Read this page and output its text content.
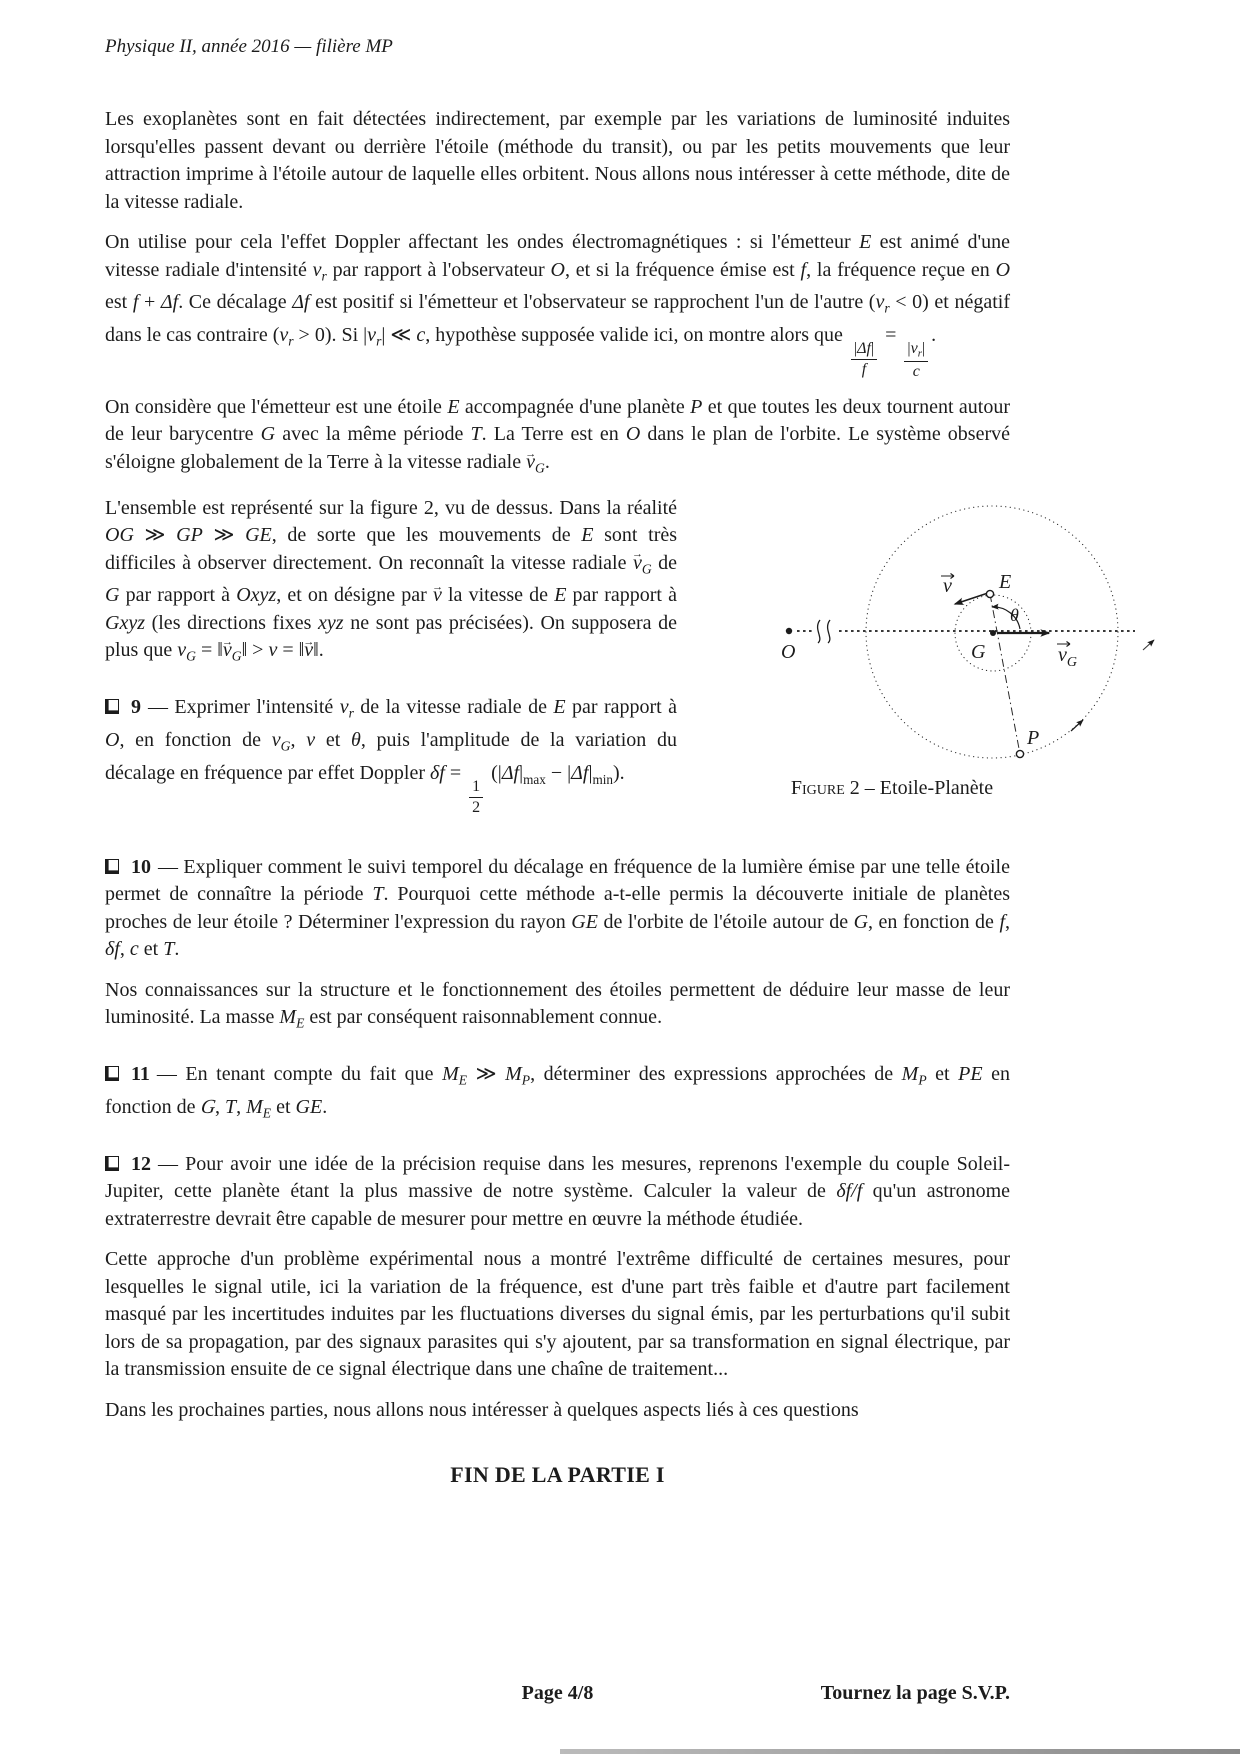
Physique II, année 2016 — filière MP

Les exoplanètes sont en fait détectées indirectement, par exemple par les variations de luminosité induites lorsqu'elles passent devant ou derrière l'étoile (méthode du transit), ou par les petits mouvements que leur attraction imprime à l'étoile autour de laquelle elles orbitent. Nous allons nous intéresser à cette méthode, dite de la vitesse radiale.

On utilise pour cela l'effet Doppler affectant les ondes électromagnétiques : si l'émetteur E est animé d'une vitesse radiale d'intensité $v_r$ par rapport à l'observateur O, et si la fréquence émise est f, la fréquence reçue en O est f + Δf. Ce décalage Δf est positif si l'émetteur et l'observateur se rapprochent l'un de l'autre $(v_r < 0)$ et négatif dans le cas contraire $(v_r > 0)$. Si $|v_r|$ ≪ c, hypothèse supposée valide ici, on montre alors que
$\frac{|\Delta f|}{f}$
=
$\frac{|v_r|}{c}$
.

On considère que l'émetteur est une étoile E accompagnée d'une planète P et que toutes les deux tournent autour de leur barycentre G avec la même période T. La Terre est en O dans le plan de l'orbite. Le système observé s'éloigne globalement de la Terre à la vitesse radiale $v \to_G$.

L'ensemble est représenté sur la figure 2, vu de dessus. Dans la réalité OG ≫ GP ≫ GE, de sorte que les mouvements de E sont très difficiles à observer directement. On reconnaît la vitesse radiale $v \to_G$ de G par rapport à Oxyz, et on désigne par v → la vitesse de E par rapport à Gxyz (les directions fixes xyz ne sont pas précisées). On supposera de plus que $v_G$ = ‖v $\to_G‖ > v$ = ‖v →‖.

9 — Exprimer l'intensité $v_r$ de la vitesse radiale de E par rapport à O, en fonction de $v_G$, v et θ, puis l'amplitude de la variation du décalage en fréquence par effet Doppler δf =
$\frac{1}{2}$
$(|\Delta f|_{max} - |\Delta f|_{min})$.

O
E
G
P
θ
v
$v_G$
Figure 2 – Etoile-Planète

10 — Expliquer comment le suivi temporel du décalage en fréquence de la lumière émise par une telle étoile permet de connaître la période T. Pourquoi cette méthode a-t-elle permis la découverte initiale de planètes proches de leur étoile ? Déterminer l'expression du rayon GE de l'orbite de l'étoile autour de G, en fonction de f, δf, c et T.

Nos connaissances sur la structure et le fonctionnement des étoiles permettent de déduire leur masse de leur luminosité. La masse $M_E$ est par conséquent raisonnablement connue.

11 — En tenant compte du fait que $M_E$ ≫ $M_P$, déterminer des expressions approchées de $M_P$ et PE en fonction de G, T, $M_E$ et GE.

12 — Pour avoir une idée de la précision requise dans les mesures, reprenons l'exemple du couple Soleil-Jupiter, cette planète étant la plus massive de notre système. Calculer la valeur de δf/f qu'un astronome extraterrestre devrait être capable de mesurer pour mettre en œuvre la méthode étudiée.

Cette approche d'un problème expérimental nous a montré l'extrême difficulté de certaines mesures, pour lesquelles le signal utile, ici la variation de la fréquence, est d'une part très faible et d'autre part facilement masqué par les incertitudes induites par les fluctuations diverses du signal émis, par les perturbations qu'il subit lors de sa propagation, par des signaux parasites qui s'y ajoutent, par sa transformation en signal électrique, par la transmission ensuite de ce signal électrique dans une chaîne de traitement...

Dans les prochaines parties, nous allons nous intéresser à quelques aspects liés à ces questions

FIN DE LA PARTIE I
Page 4/8	Tournez la page S.V.P.
